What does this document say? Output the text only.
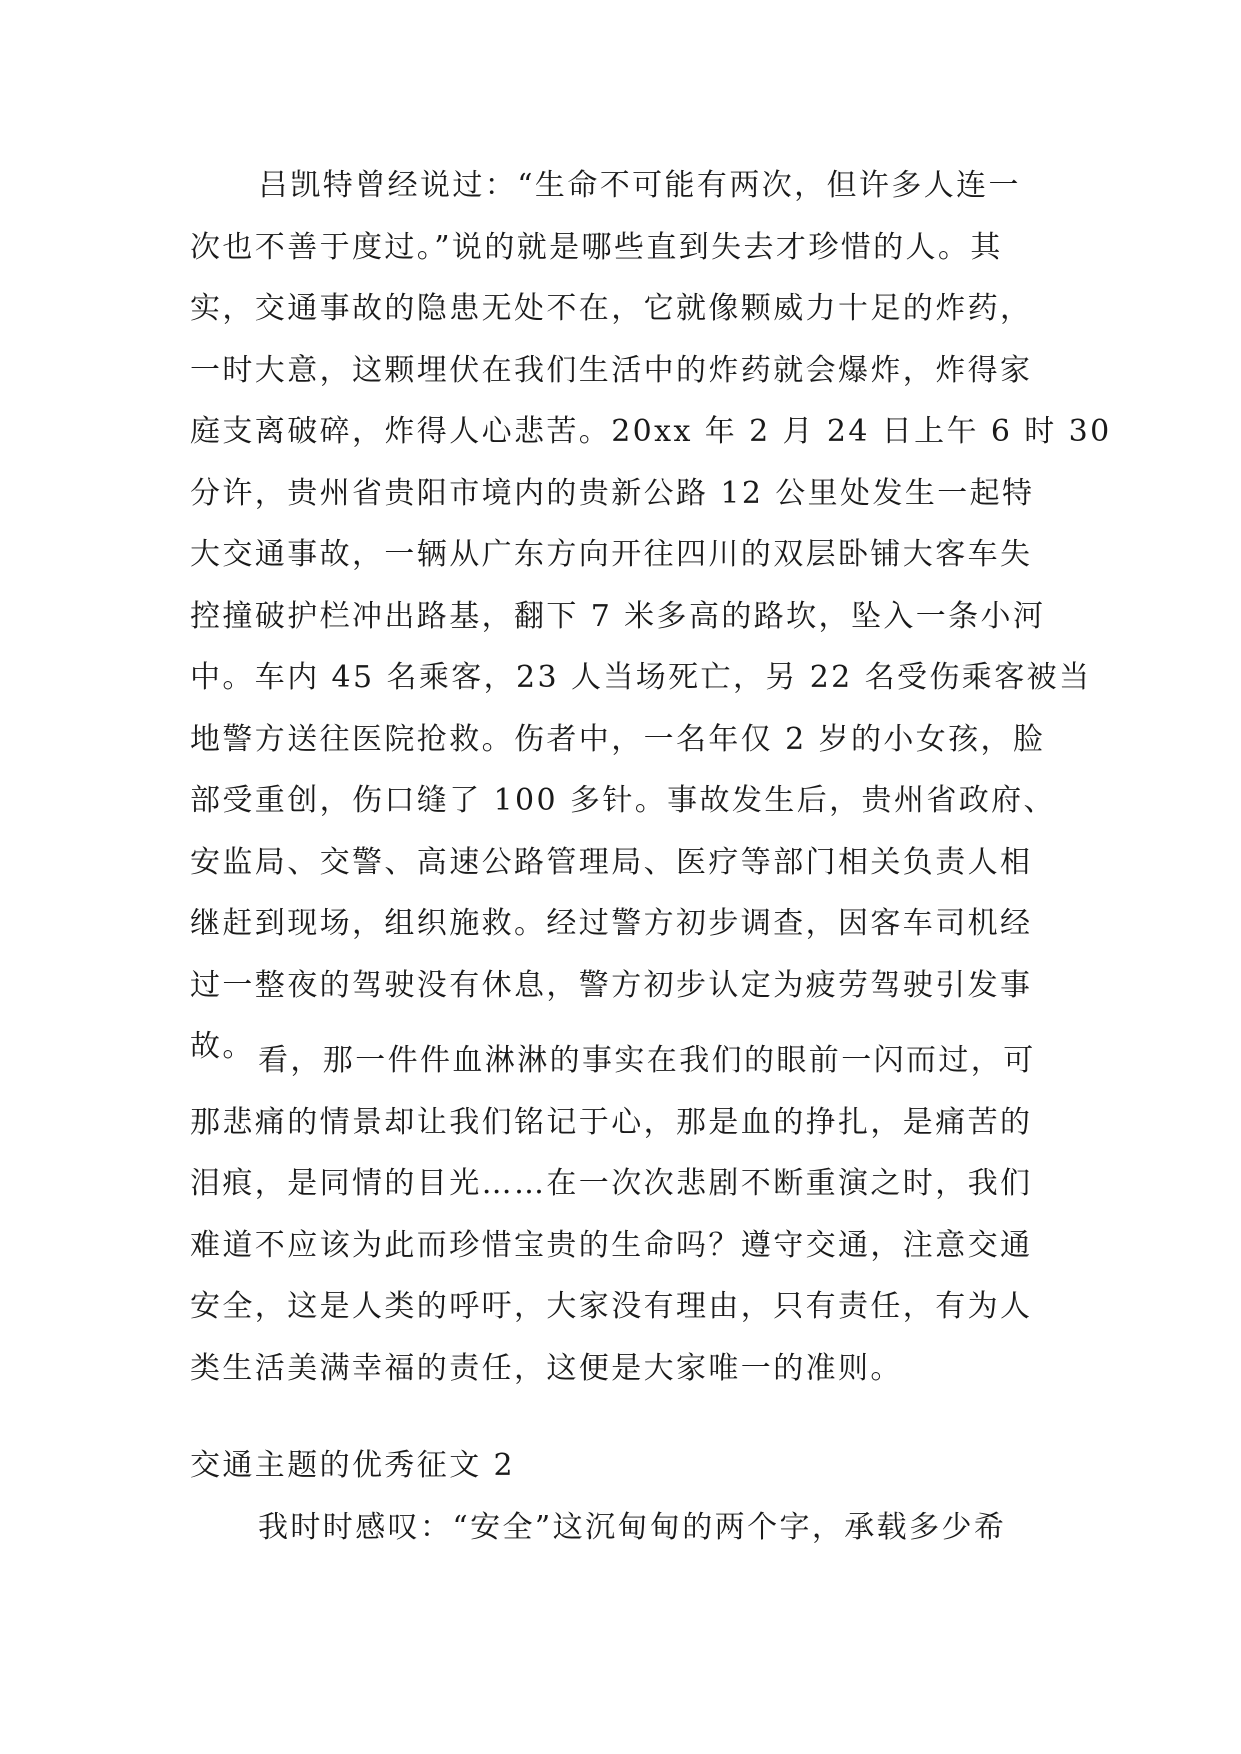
吕凯特曾经说过：“生命不可能有两次，但许多人连一
次也不善于度过。”说的就是哪些直到失去才珍惜的人。其
实，交通事故的隐患无处不在，它就像颗威力十足的炸药，
一时大意，这颗埋伏在我们生活中的炸药就会爆炸，炸得家
庭支离破碎，炸得人心悲苦。20xx 年 2 月 24 日上午 6 时 30
分许，贵州省贵阳市境内的贵新公路 12 公里处发生一起特
大交通事故，一辆从广东方向开往四川的双层卧铺大客车失
控撞破护栏冲出路基，翻下 7 米多高的路坎，坠入一条小河
中。车内 45 名乘客，23 人当场死亡，另 22 名受伤乘客被当
地警方送往医院抢救。伤者中，一名年仅 2 岁的小女孩，脸
部受重创，伤口缝了 100 多针。事故发生后，贵州省政府、
安监局、交警、高速公路管理局、医疗等部门相关负责人相
继赶到现场，组织施救。经过警方初步调查，因客车司机经
过一整夜的驾驶没有休息，警方初步认定为疲劳驾驶引发事
故。 看，那一件件血淋淋的事实在我们的眼前一闪而过，可
那悲痛的情景却让我们铭记于心，那是血的挣扎，是痛苦的
泪痕，是同情的目光……在一次次悲剧不断重演之时，我们
难道不应该为此而珍惜宝贵的生命吗？遵守交通，注意交通
安全，这是人类的呼吁，大家没有理由，只有责任，有为人
类生活美满幸福的责任，这便是大家唯一的准则。
交通主题的优秀征文 2
我时时感叹：“安全”这沉甸甸的两个字，承载多少希
